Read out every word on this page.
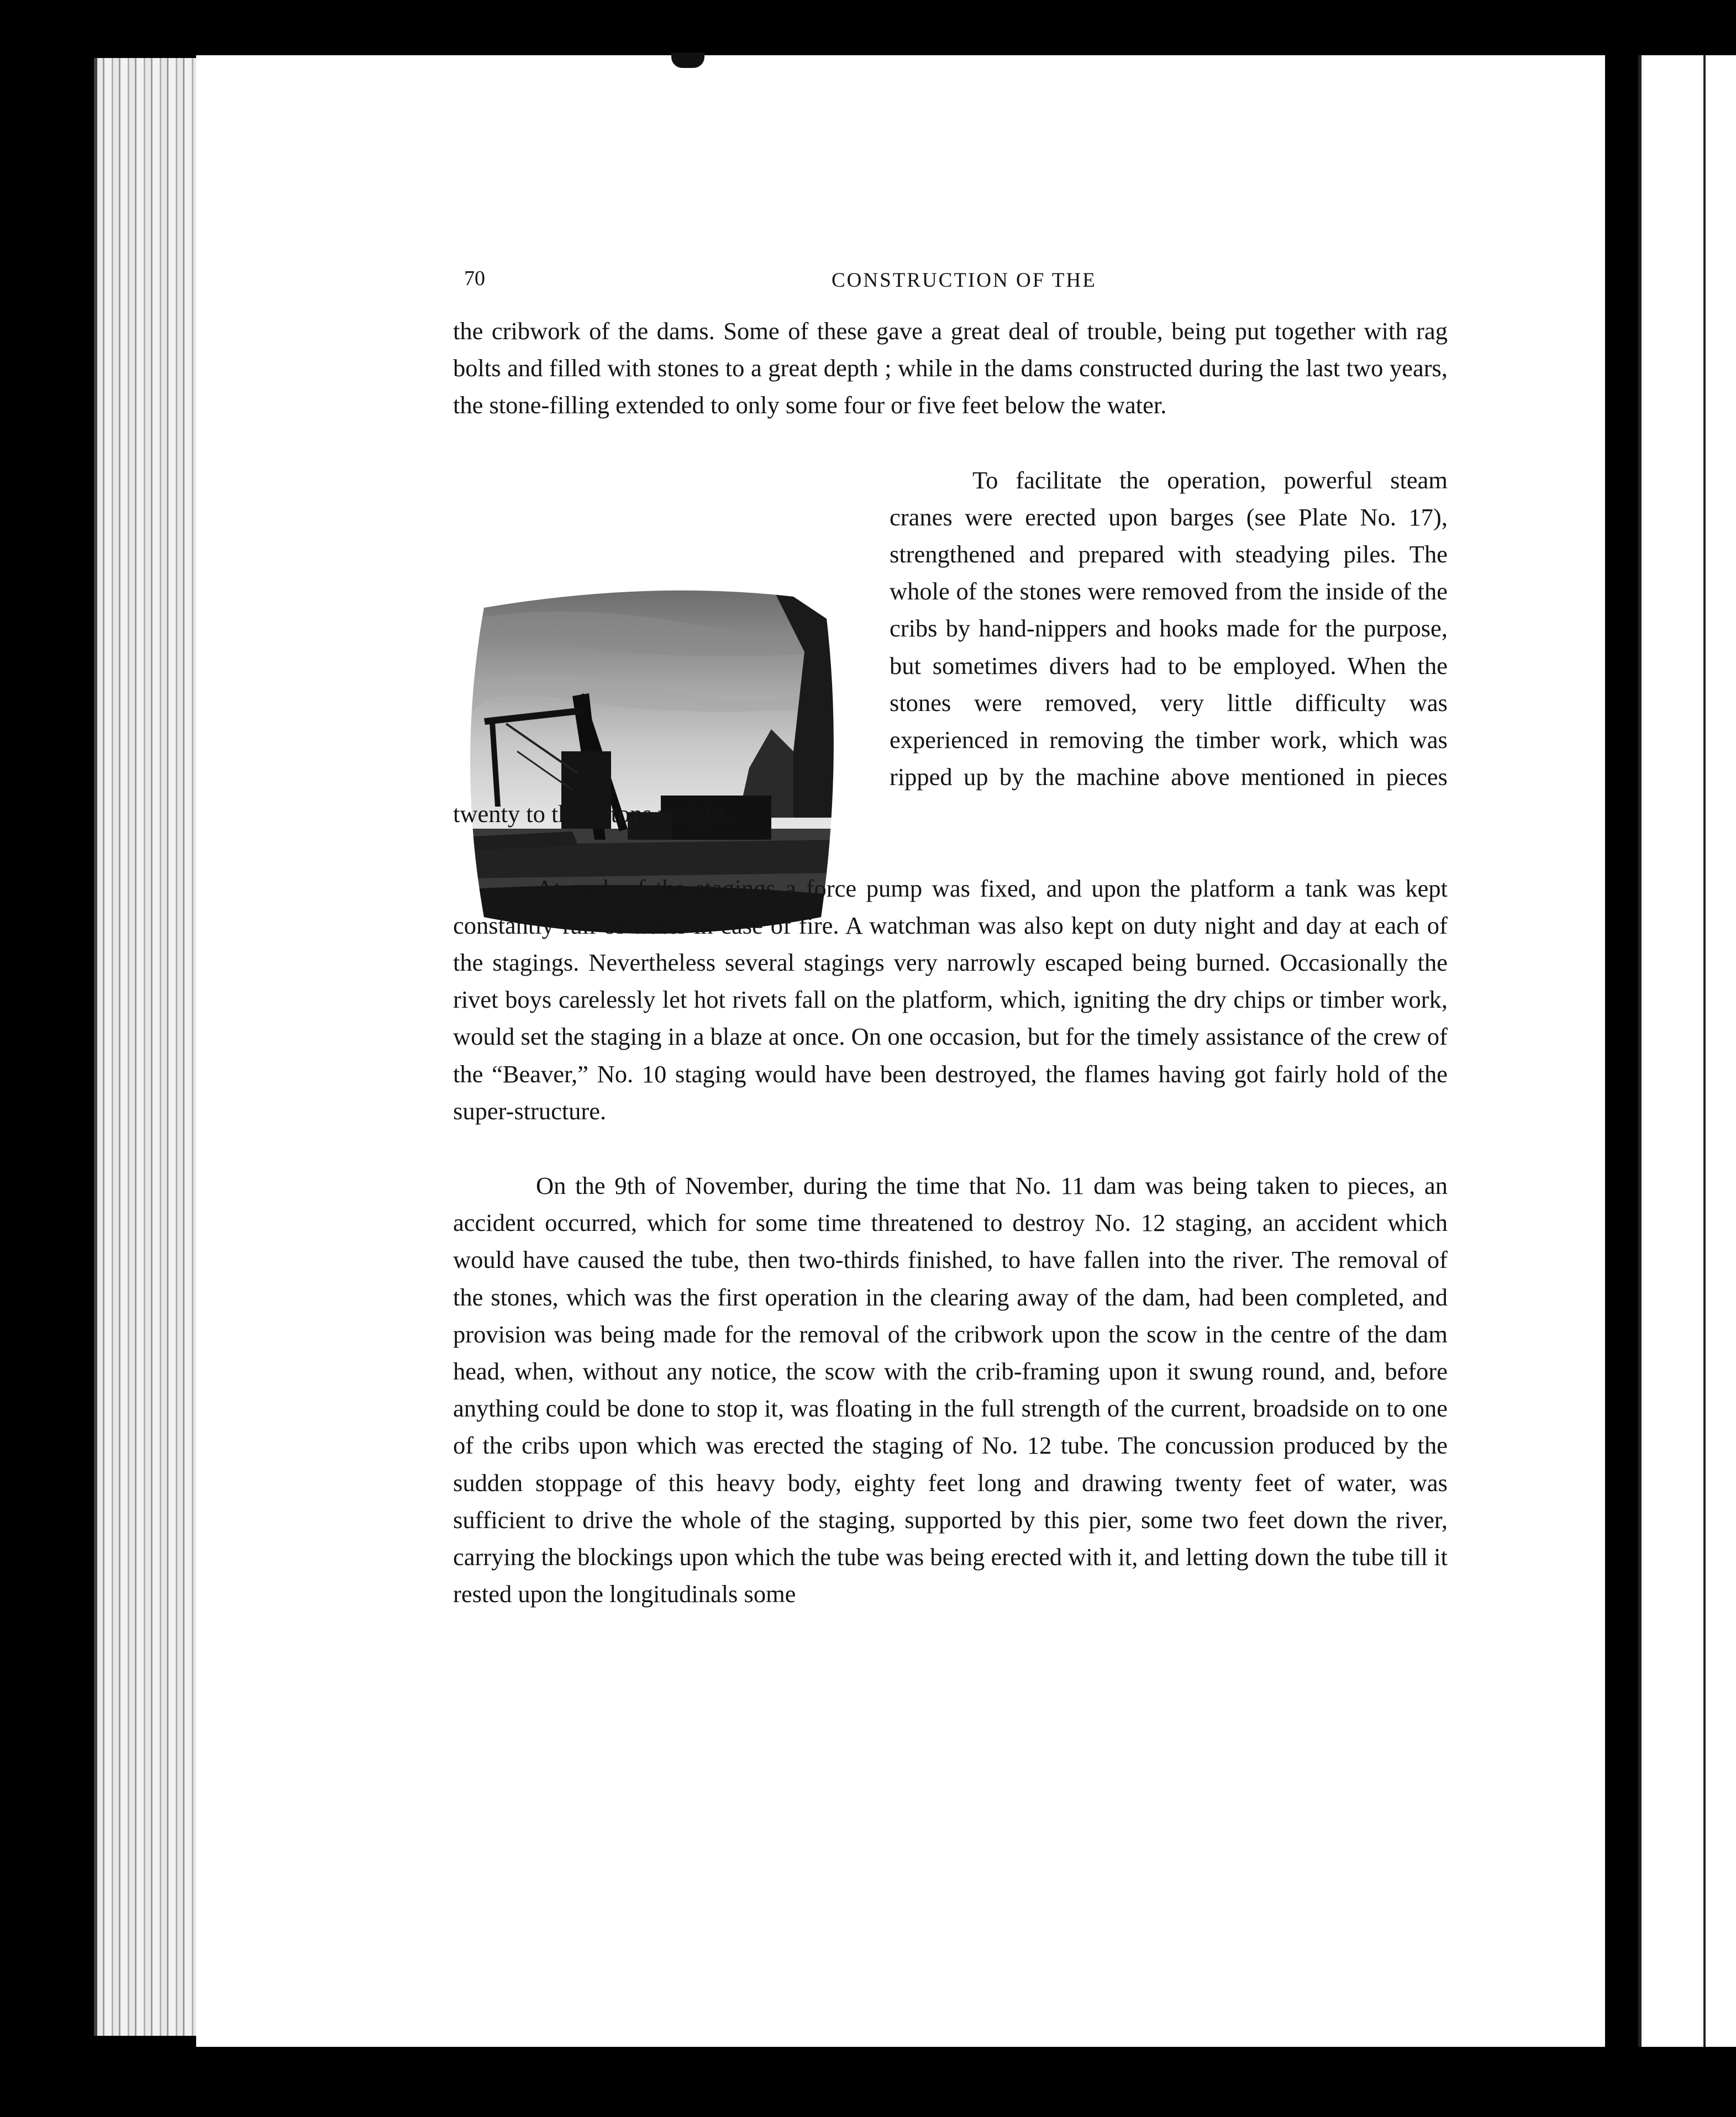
70	CONSTRUCTION OF THE

the cribwork of the dams. Some of these gave a great deal of trouble, being put together with rag bolts and filled with stones to a great depth ; while in the dams constructed during the last two years, the stone-filling extended to only some four or five feet below the water.

To facilitate the operation, powerful steam cranes were erected upon barges (see Plate No. 17), strengthened and prepared with steadying piles. The whole of the stones were removed from the inside of the cribs by hand-nippers and hooks made for the purpose, but sometimes divers had to be employed. When the stones were removed, very little difficulty was experienced in removing the timber work, which was ripped up by the machine above mentioned in pieces twenty to thirty tons weight.

At each of the stagings a force pump was fixed, and upon the platform a tank was kept constantly full of water in case of fire. A watchman was also kept on duty night and day at each of the stagings. Nevertheless several stagings very narrowly escaped being burned. Occasionally the rivet boys carelessly let hot rivets fall on the platform, which, igniting the dry chips or timber work, would set the staging in a blaze at once. On one occasion, but for the timely assistance of the crew of the “Beaver,” No. 10 staging would have been destroyed, the flames having got fairly hold of the super-structure.

On the 9th of November, during the time that No. 11 dam was being taken to pieces, an accident occurred, which for some time threatened to destroy No. 12 staging, an accident which would have caused the tube, then two-thirds finished, to have fallen into the river. The removal of the stones, which was the first operation in the clearing away of the dam, had been completed, and provision was being made for the removal of the cribwork upon the scow in the centre of the dam head, when, without any notice, the scow with the crib-framing upon it swung round, and, before anything could be done to stop it, was floating in the full strength of the current, broadside on to one of the cribs upon which was erected the staging of No. 12 tube. The concussion produced by the sudden stoppage of this heavy body, eighty feet long and drawing twenty feet of water, was sufficient to drive the whole of the staging, supported by this pier, some two feet down the river, carrying the blockings upon which the tube was being erected with it, and letting down the tube till it rested upon the longitudinals some
